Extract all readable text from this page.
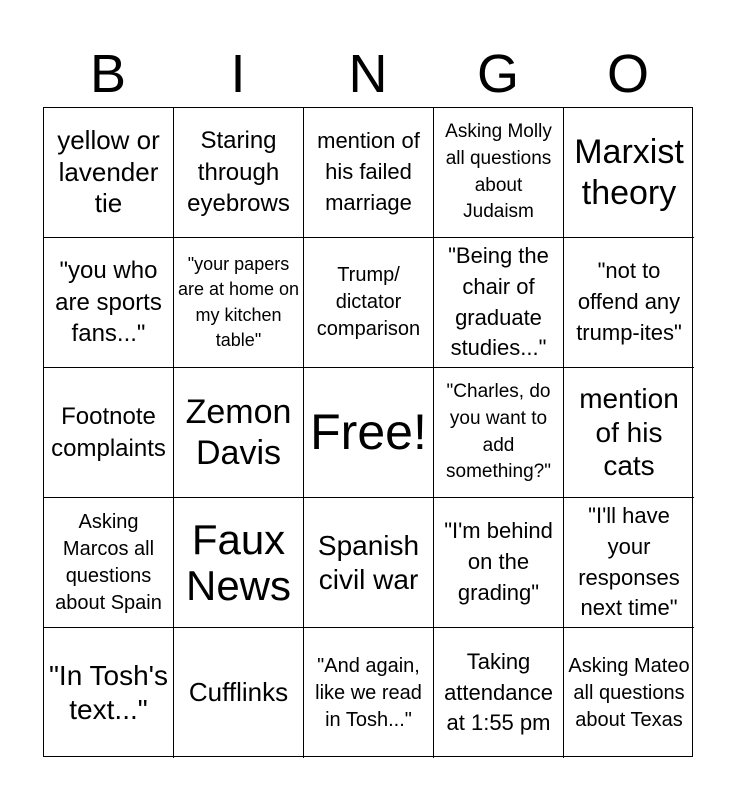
B	I	N	G	O
yellow or lavender tie
Staring through eyebrows
mention of his failed marriage
Asking Molly all questions about Judaism
Marxist theory
"you who are sports fans..."
"your papers are at home on my kitchen table"
Trump/ dictator comparison
"Being the chair of graduate studies..."
"not to offend any trump-ites"
Footnote complaints
Zemon Davis Free!
"Charles, do you want to add something?"
mention of his cats
Asking Marcos all questions about Spain
Faux News
Spanish civil war
"I'm behind on the grading"
"I'll have your responses next time"
"In Tosh's text..."
Cufflinks
"And again, like we read in Tosh..."
Taking attendance at 1:55 pm
Asking Mateo all questions about Texas
